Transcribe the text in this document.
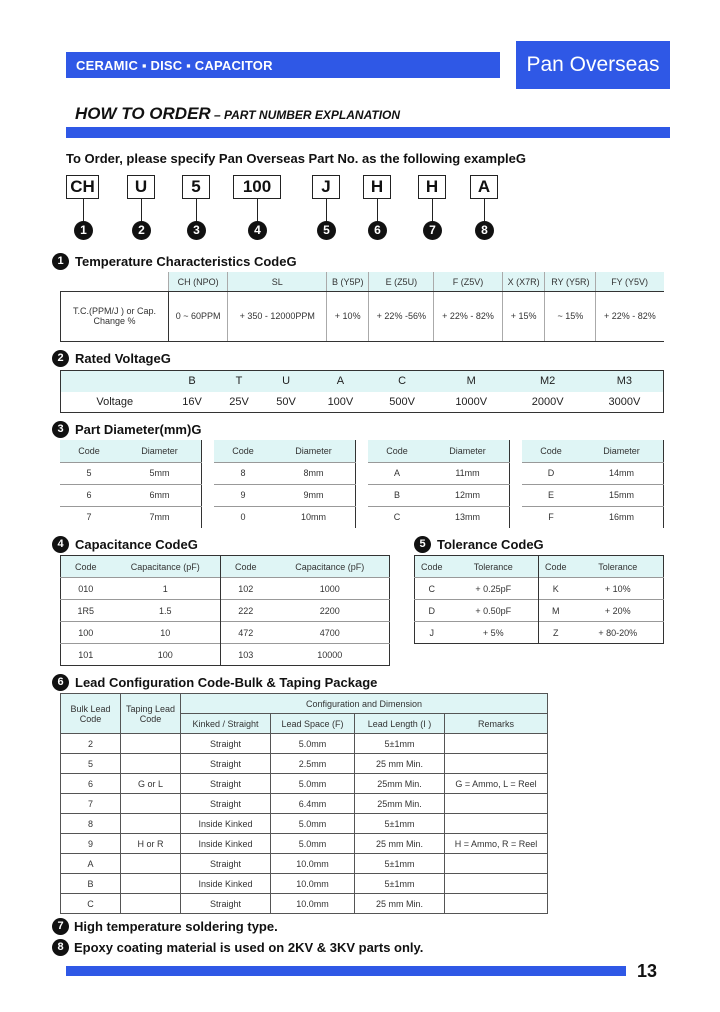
CERAMIC ▪ DISC ▪ CAPACITOR	Pan Overseas
HOW TO ORDER – PART NUMBER EXPLANATION
To Order, please specify Pan Overseas Part No. as the following exampleG
CH
1
U
2
5
3
100
4
J
5
H
6
H
7
A
8
1 Temperature Characteristics CodeG
	CH (NPO)	SL	B (Y5P)	E (Z5U)	F (Z5V)	X (X7R)	RY (Y5R)	FY (Y5V)
T.C.(PPM/J ) or Cap. Change %	0 ~ 60PPM	+ 350 - 12000PPM	+ 10%	+ 22% -56%	+ 22% - 82%	+ 15%	~ 15%	+ 22% - 82%
2 Rated VoltageG
	B	T	U	A	C	M	M2	M3
Voltage	16V	25V	50V	100V	500V	1000V	2000V	3000V
3 Part Diameter(mm)G
Code	Diameter
5	5mm
6	6mm
7	7mm
Code	Diameter
8	8mm
9	9mm
0	10mm
Code	Diameter
A	11mm
B	12mm
C	13mm
Code	Diameter
D	14mm
E	15mm
F	16mm
4 Capacitance CodeG
Code	Capacitance (pF)	Code	Capacitance (pF)
010	1	102	1000
1R5	1.5	222	2200
100	10	472	4700
101	100	103	10000
5 Tolerance CodeG
Code	Tolerance	Code	Tolerance
C	+ 0.25pF	K	+ 10%
D	+ 0.50pF	M	+ 20%
J	+ 5%	Z	+ 80-20%
6 Lead Configuration Code-Bulk & Taping Package
Bulk Lead Code	Taping Lead Code	Configuration and Dimension			
		Kinked / Straight	Lead Space (F)	Lead Length (I )	Remarks
2		Straight	5.0mm	5±1mm	
5		Straight	2.5mm	25 mm Min.	
6	G or L	Straight	5.0mm	25mm Min.	G = Ammo, L = Reel
7		Straight	6.4mm	25mm Min.	
8		Inside Kinked	5.0mm	5±1mm	
9	H or R	Inside Kinked	5.0mm	25 mm Min.	H = Ammo, R = Reel
A		Straight	10.0mm	5±1mm	
B		Inside Kinked	10.0mm	5±1mm	
C		Straight	10.0mm	25 mm Min.	
7 High temperature soldering type.
8 Epoxy coating material is used on 2KV & 3KV parts only.
13
